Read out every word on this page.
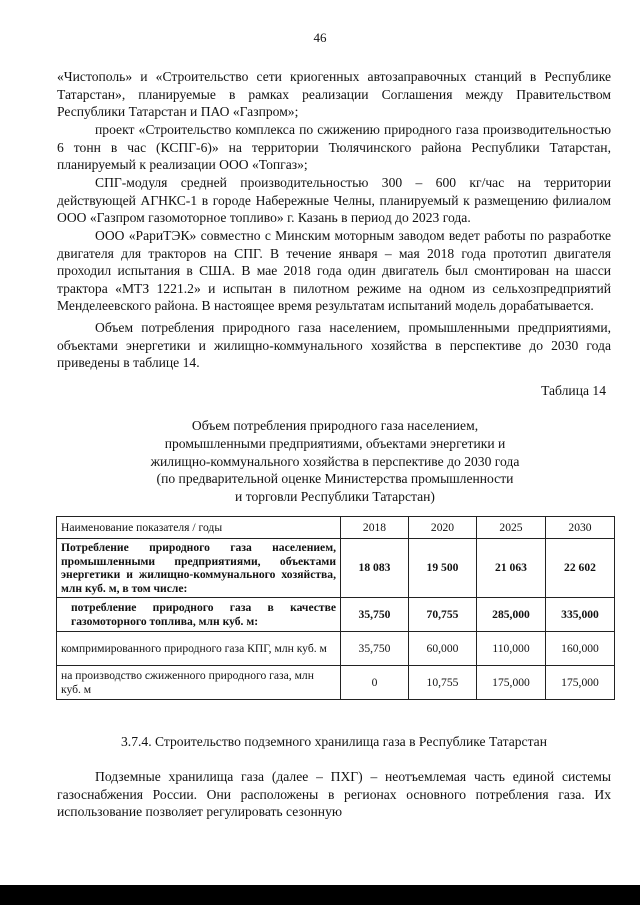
46

«Чистополь» и «Строительство сети криогенных автозаправочных станций в Республике Татарстан», планируемые в рамках реализации Соглашения между Правительством Республики Татарстан и ПАО «Газпром»;

проект «Строительство комплекса по сжижению природного газа производительностью 6 тонн в час (КСПГ-6)» на территории Тюлячинского района Республики Татарстан, планируемый к реализации ООО «Топгаз»;

СПГ-модуля средней производительностью 300 – 600 кг/час на территории действующей АГНКС-1 в городе Набережные Челны, планируемый к размещению филиалом ООО «Газпром газомоторное топливо» г. Казань в период до 2023 года.

ООО «РариТЭК» совместно с Минским моторным заводом ведет работы по разработке двигателя для тракторов на СПГ. В течение января – мая 2018 года прототип двигателя проходил испытания в США. В мае 2018 года один двигатель был смонтирован на шасси трактора «МТЗ 1221.2» и испытан в пилотном режиме на одном из сельхозпредприятий Менделеевского района. В настоящее время результатам испытаний модель дорабатывается.

Объем потребления природного газа населением, промышленными предприятиями, объектами энергетики и жилищно-коммунального хозяйства в перспективе до 2030 года приведены в таблице 14.

Таблица 14
Объем потребления природного газа населением,
промышленными предприятиями, объектами энергетики и
жилищно-коммунального хозяйства в перспективе до 2030 года
(по предварительной оценке Министерства промышленности
и торговли Республики Татарстан)
Наименование показателя / годы	2018	2020	2025	2030
Потребление природного газа населением, промышленными предприятиями, объектами энергетики и жилищно-коммунального хозяйства, млн куб. м, в том числе:	18 083	19 500	21 063	22 602
потребление природного газа в качестве газомоторного топлива, млн куб. м:	35,750	70,755	285,000	335,000
компримированного природного газа КПГ, млн куб. м	35,750	60,000	110,000	160,000
на производство сжиженного природного газа, млн куб. м	0	10,755	175,000	175,000
3.7.4. Строительство подземного хранилища газа в Республике Татарстан

Подземные хранилища газа (далее – ПХГ) – неотъемлемая часть единой системы газоснабжения России. Они расположены в регионах основного потребления газа. Их использование позволяет регулировать сезонную
